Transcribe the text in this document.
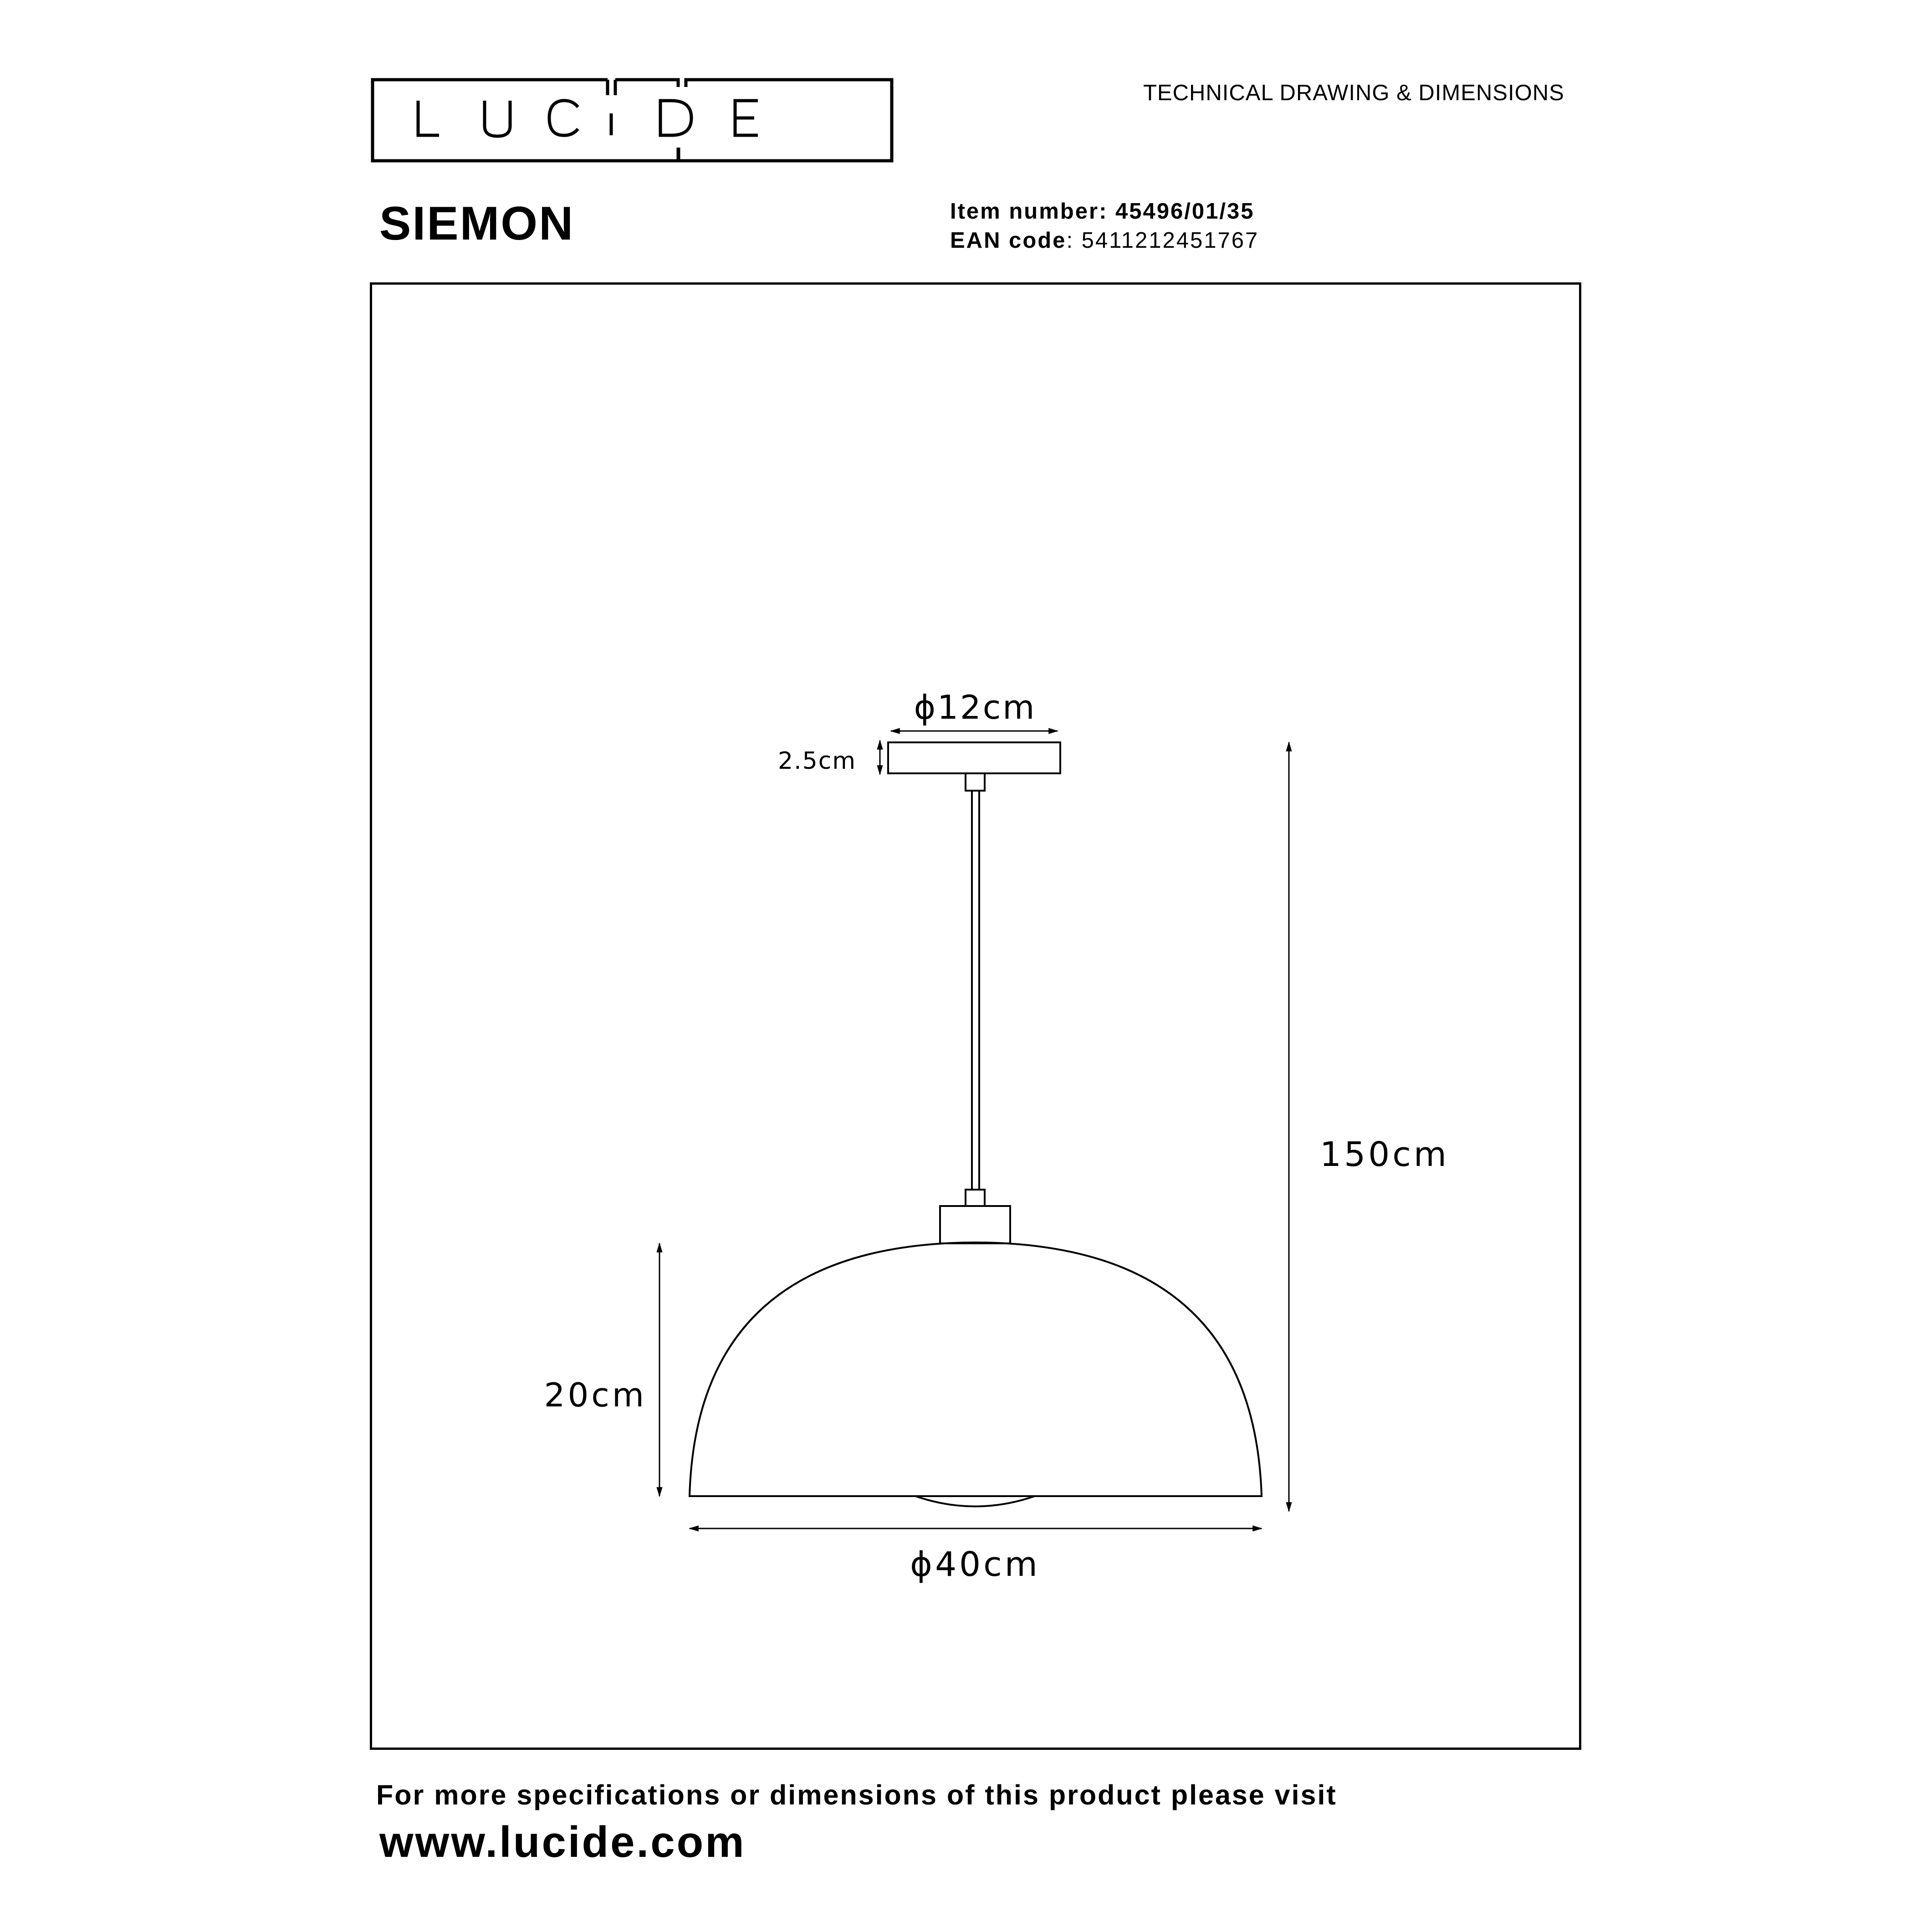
TECHNICAL DRAWING & DIMENSIONS
SIEMON	Item number: 45496/01/35
EAN code: 5411212451767
ϕ12cm
2.5cm
150cm
20cm
ϕ40cm
For more specifications or dimensions of this product please visit
www.lucide.com
